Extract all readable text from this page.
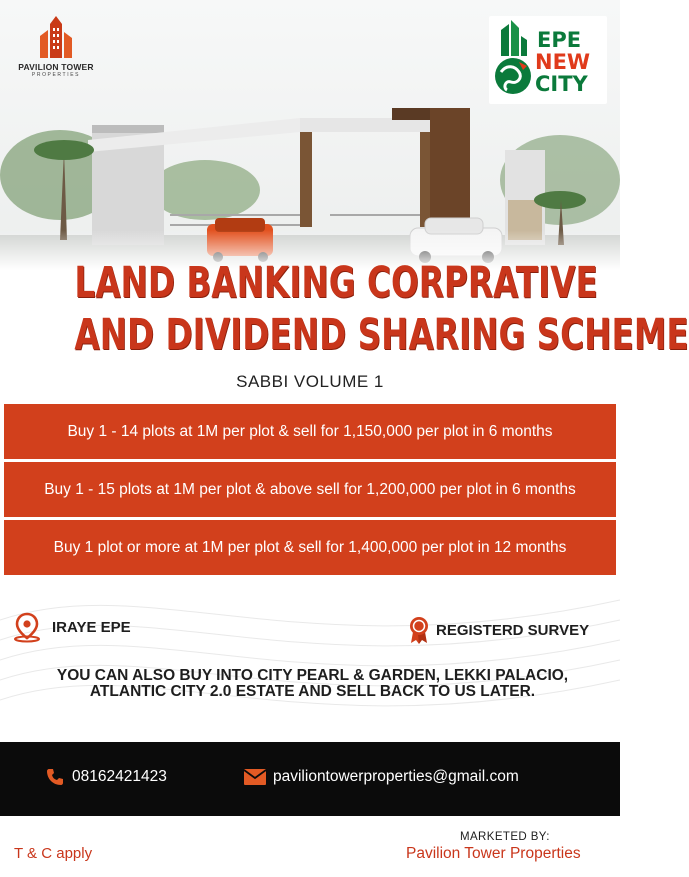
PAVILION TOWER
PROPERTIES
EPE
NEW
CITY
LAND BANKING CORPRATIVE
AND DIVIDEND SHARING SCHEME
SABBI VOLUME 1
Buy 1 - 14 plots at 1M per plot & sell for 1,150,000 per plot in 6 months
Buy 1 - 15 plots at 1M per plot & above sell for 1,200,000 per plot in 6 months
Buy 1 plot or more at 1M per plot & sell for 1,400,000 per plot in 12 months
IRAYE EPE	REGISTERD SURVEY
YOU CAN ALSO BUY INTO CITY PEARL & GARDEN, LEKKI PALACIO, ATLANTIC CITY 2.0 ESTATE AND SELL BACK TO US LATER.
08162421423	paviliontowerproperties@gmail.com
T & C apply
MARKETED BY:
Pavilion Tower Properties
